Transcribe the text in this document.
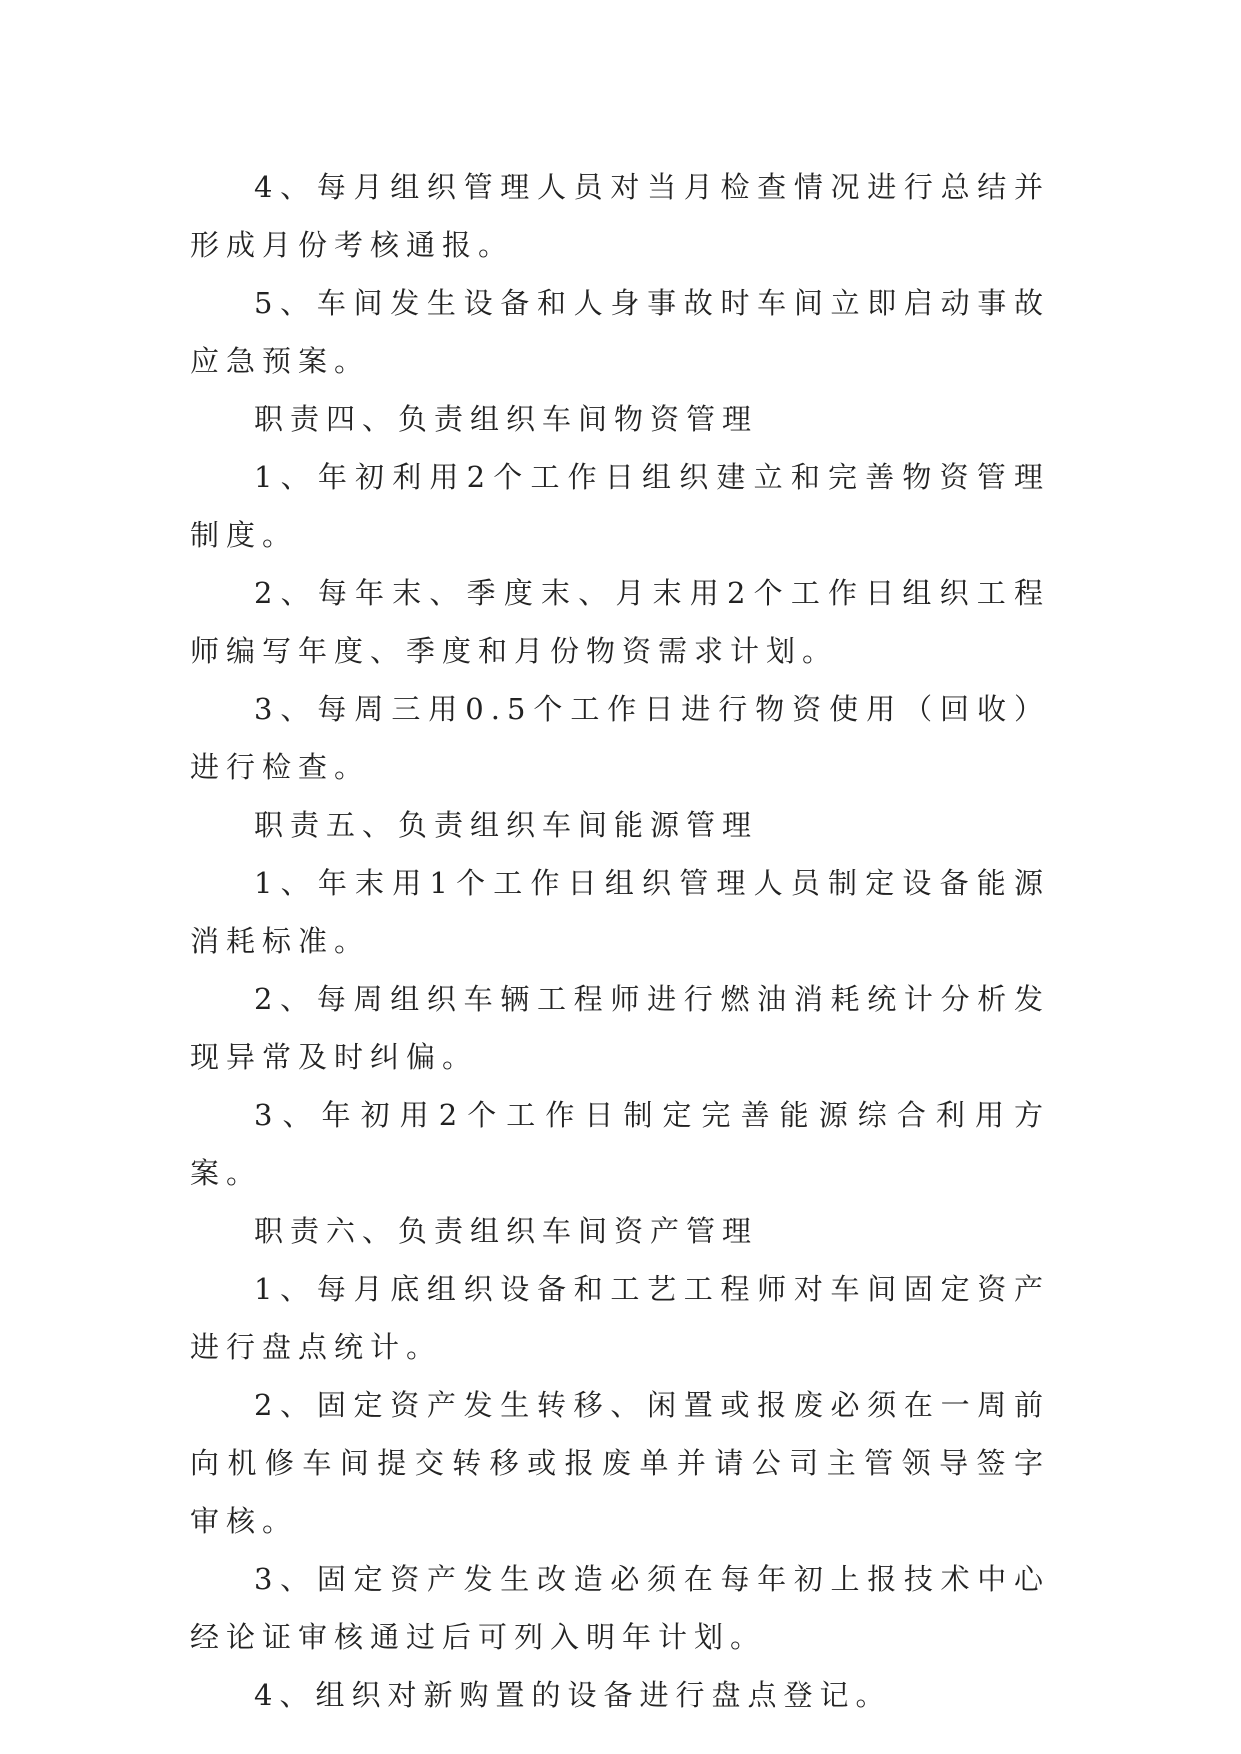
4、每月组织管理人员对当月检查情况进行总结并形成月份考核通报。

5、车间发生设备和人身事故时车间立即启动事故应急预案。

职责四、负责组织车间物资管理

1、年初利用2个工作日组织建立和完善物资管理制度。

2、每年末、季度末、月末用2个工作日组织工程师编写年度、季度和月份物资需求计划。

3、每周三用0.5个工作日进行物资使用（回收）进行检查。

职责五、负责组织车间能源管理

1、年末用1个工作日组织管理人员制定设备能源消耗标准。

2、每周组织车辆工程师进行燃油消耗统计分析发现异常及时纠偏。

3、年初用2个工作日制定完善能源综合利用方案。

职责六、负责组织车间资产管理

1、每月底组织设备和工艺工程师对车间固定资产进行盘点统计。

2、固定资产发生转移、闲置或报废必须在一周前向机修车间提交转移或报废单并请公司主管领导签字审核。

3、固定资产发生改造必须在每年初上报技术中心经论证审核通过后可列入明年计划。

4、组织对新购置的设备进行盘点登记。
